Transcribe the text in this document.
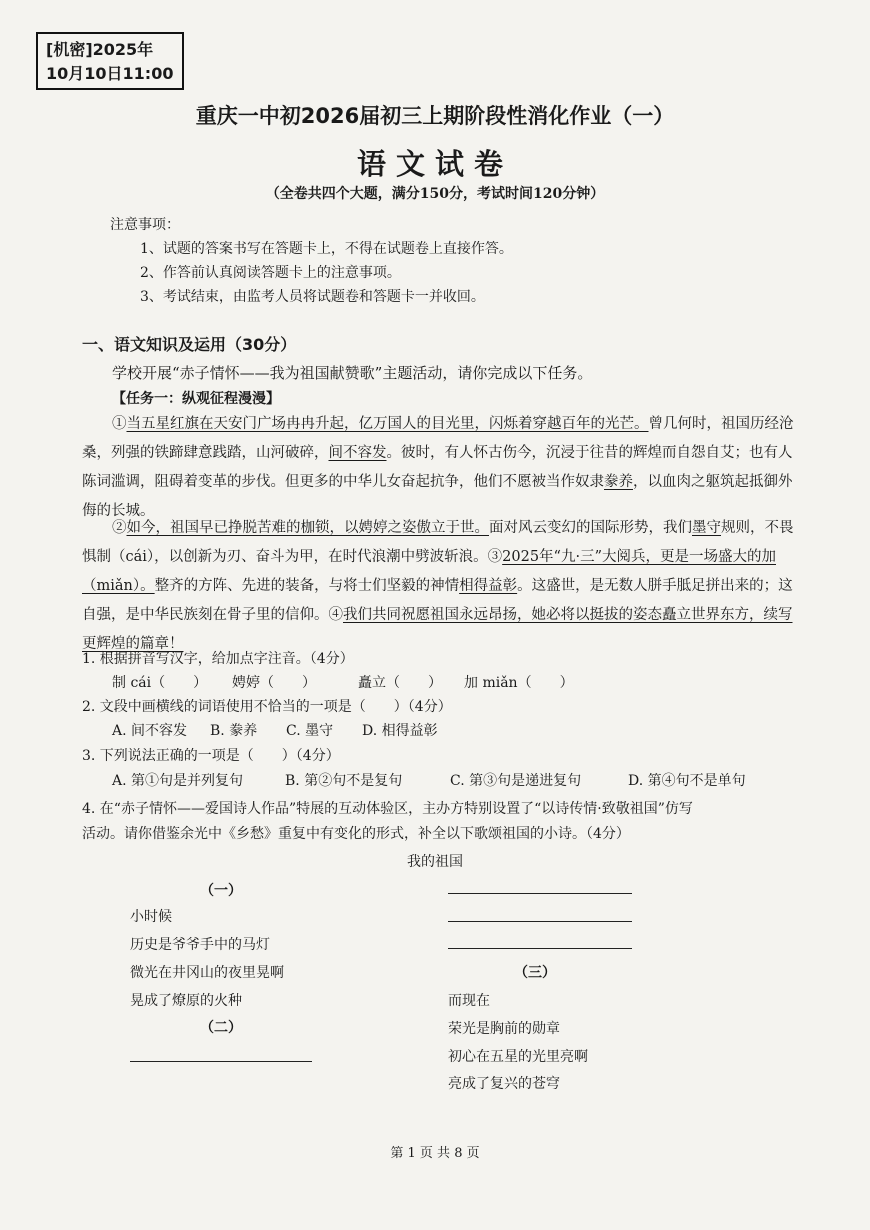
[机密]2025年
10月10日11:00
重庆一中初2026届初三上期阶段性消化作业（一）
语文试卷
（全卷共四个大题，满分150分，考试时间120分钟）
注意事项：
1、试题的答案书写在答题卡上，不得在试题卷上直接作答。
2、作答前认真阅读答题卡上的注意事项。
3、考试结束，由监考人员将试题卷和答题卡一并收回。
一、语文知识及运用（30分）
学校开展“赤子情怀——我为祖国献赞歌”主题活动，请你完成以下任务。
【任务一：纵观征程漫漫】
①当五星红旗在天安门广场冉冉升起，亿万国人的目光里，闪烁着穿越百年的光芒。曾几何时，祖国历经沧桑，列强的铁蹄肆意践踏，山河破碎，间不容发。彼时，有人怀古伤今，沉浸于往昔的辉煌而自怨自艾；也有人陈词滥调，阻碍着变革的步伐。但更多的中华儿女奋起抗争，他们不愿被当作奴隶豢养，以血肉之躯筑起抵御外侮的长城。
②如今，祖国早已挣脱苦难的枷锁，以娉婷之姿傲立于世。面对风云变幻的国际形势，我们墨守规则，不畏惧制（cái），以创新为刃、奋斗为甲，在时代浪潮中劈波斩浪。③2025年“九·三”大阅兵，更是一场盛大的加（miǎn）。整齐的方阵、先进的装备，与将士们坚毅的神情相得益彰。这盛世，是无数人胼手胝足拼出来的；这自强，是中华民族刻在骨子里的信仰。④我们共同祝愿祖国永远昂扬，她必将以挺拔的姿态矗立世界东方，续写更辉煌的篇章！
1. 根据拼音写汉字，给加点字注音。（4分）
制 cái（　　） 娉婷（　　）	矗立（　　） 加 miǎn（　　）
2. 文段中画横线的词语使用不恰当的一项是（　　）（4分）
A. 间不容发 B. 豢养 C. 墨守 D. 相得益彰
3. 下列说法正确的一项是（　　）（4分）
A. 第①句是并列复句	B. 第②句不是复句	C. 第③句是递进复句	D. 第④句不是单句
4. 在“赤子情怀——爱国诗人作品”特展的互动体验区，主办方特别设置了“以诗传情·致敬祖国”仿写
活动。请你借鉴余光中《乡愁》重复中有变化的形式，补全以下歌颂祖国的小诗。（4分）
我的祖国
（一）
小时候
历史是爷爷手中的马灯
微光在井冈山的夜里晃啊
晃成了燎原的火种
（二）
（三）
而现在
荣光是胸前的勋章
初心在五星的光里亮啊
亮成了复兴的苍穹
第 1 页 共 8 页
